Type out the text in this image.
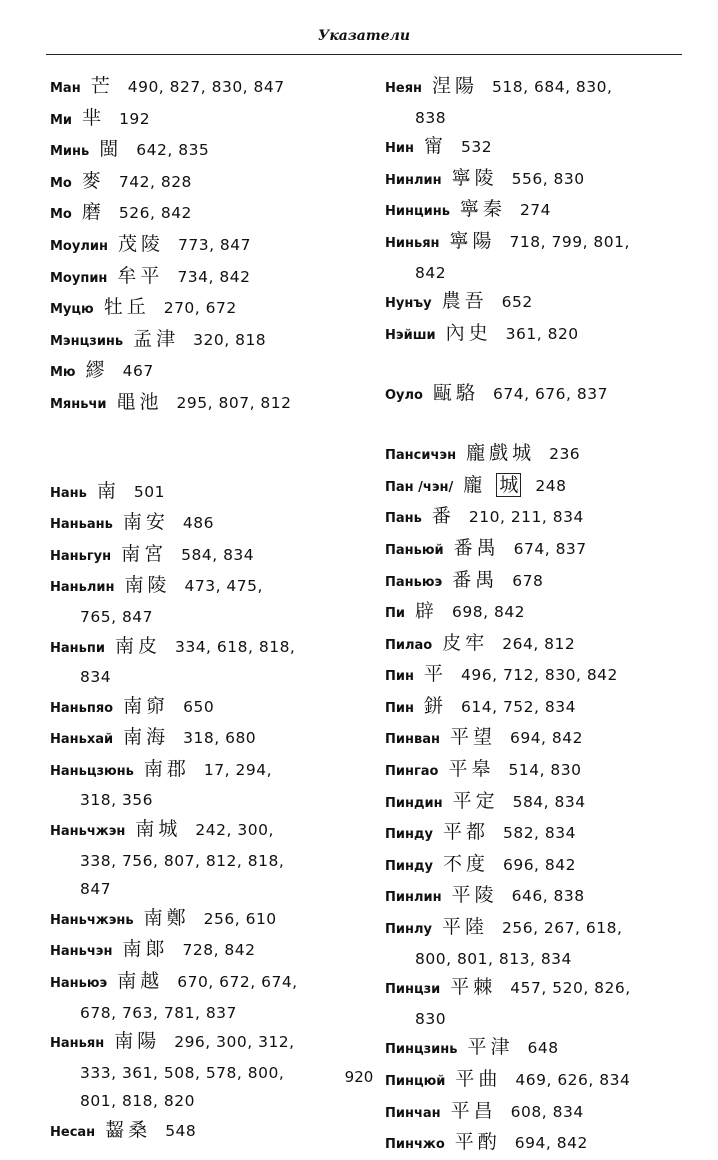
Указатели
Ман 芒 490, 827, 830, 847
Ми 芈 192
Минь 閩 642, 835
Мо 麥 742, 828
Мо 磨 526, 842
Моулин 茂陵 773, 847
Моупин 牟平 734, 842
Муцю 牡丘 270, 672
Мэнцзинь 孟津 320, 818
Мю 繆 467
Мяньчи 黽池 295, 807, 812
Нань 南 501
Наньань 南安 486
Наньгун 南宮 584, 834
Наньлин 南陵 473, 475,
765, 847
Наньпи 南皮 334, 618, 818,
834
Наньпяо 南窌 650
Наньхай 南海 318, 680
Наньцзюнь 南郡 17, 294,
318, 356
Наньчжэн 南城 242, 300,
338, 756, 807, 812, 818,
847
Наньчжэнь 南鄭 256, 610
Наньчэн 南郞 728, 842
Наньюэ 南越 670, 672, 674,
678, 763, 781, 837
Наньян 南陽 296, 300, 312,
333, 361, 508, 578, 800,
801, 818, 820
Несан 齧桑 548
Неян 涅陽 518, 684, 830,
838
Нин 甯 532
Нинлин 寧陵 556, 830
Нинцинь 寧秦 274
Ниньян 寧陽 718, 799, 801,
842
Нунъу 農吾 652
Нэйши 內史 361, 820
Оуло 甌駱 674, 676, 837
Пансичэн 龐戲城 236
Пан /чэн/ 龐 城 248
Пань 番 210, 211, 834
Паньюй 番禺 674, 837
Паньюэ 番禺 678
Пи 辟 698, 842
Пилао 皮牢 264, 812
Пин 平 496, 712, 830, 842
Пин 鉼 614, 752, 834
Пинван 平望 694, 842
Пингао 平皋 514, 830
Пиндин 平定 584, 834
Пинду 平都 582, 834
Пинду 不度 696, 842
Пинлин 平陵 646, 838
Пинлу 平陸 256, 267, 618,
800, 801, 813, 834
Пинцзи 平棘 457, 520, 826,
830
Пинцзинь 平津 648
Пинцюй 平曲 469, 626, 834
Пинчан 平昌 608, 834
Пинчжо 平酌 694, 842
920
